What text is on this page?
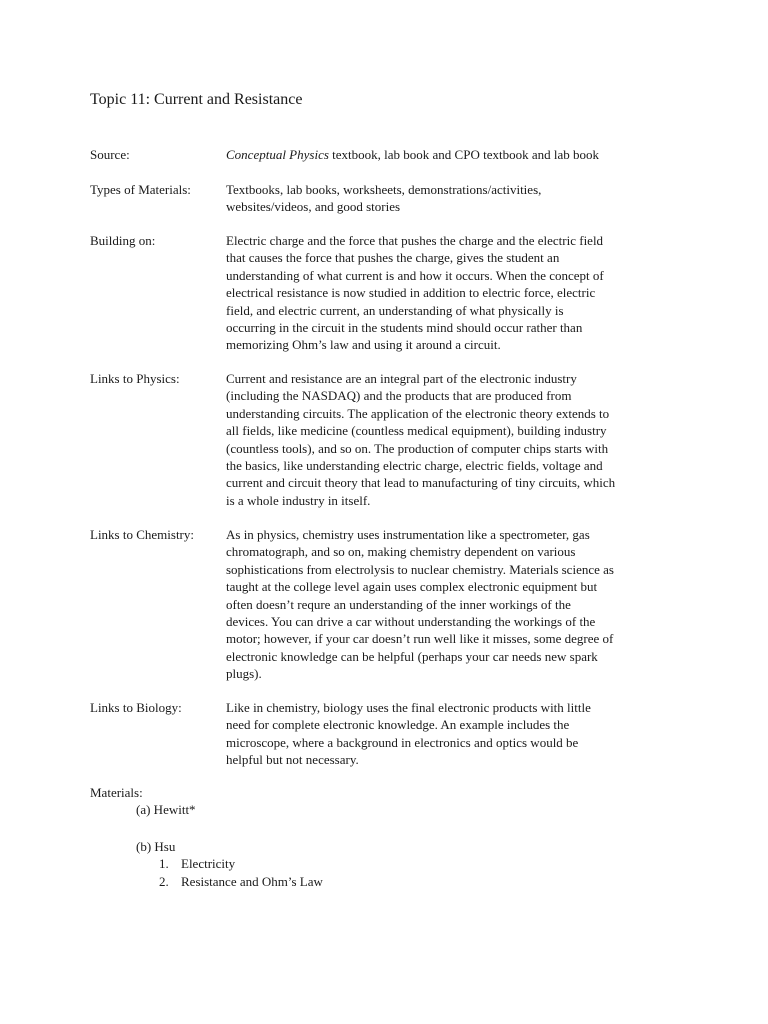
Topic 11: Current and Resistance
Source:	Conceptual Physics textbook, lab book and CPO textbook and lab book
Types of Materials:	Textbooks, lab books, worksheets, demonstrations/activities,
websites/videos, and good stories
Building on:	Electric charge and the force that pushes the charge and the electric field
that causes the force that pushes the charge, gives the student an
understanding of what current is and how it occurs. When the concept of
electrical resistance is now studied in addition to electric force, electric
field, and electric current, an understanding of what physically is
occurring in the circuit in the students mind should occur rather than
memorizing Ohm’s law and using it around a circuit.
Links to Physics:	Current and resistance are an integral part of the electronic industry
(including the NASDAQ) and the products that are produced from
understanding circuits. The application of the electronic theory extends to
all fields, like medicine (countless medical equipment), building industry
(countless tools), and so on. The production of computer chips starts with
the basics, like understanding electric charge, electric fields, voltage and
current and circuit theory that lead to manufacturing of tiny circuits, which
is a whole industry in itself.
Links to Chemistry: As in physics, chemistry uses instrumentation like a spectrometer, gas
chromatograph, and so on, making chemistry dependent on various
sophistications from electrolysis to nuclear chemistry. Materials science as
taught at the college level again uses complex electronic equipment but
often doesn’t requre an understanding of the inner workings of the
devices. You can drive a car without understanding the workings of the
motor; however, if your car doesn’t run well like it misses, some degree of
electronic knowledge can be helpful (perhaps your car needs new spark
plugs).
Links to Biology:	Like in chemistry, biology uses the final electronic products with little
need for complete electronic knowledge. An example includes the
microscope, where a background in electronics and optics would be
helpful but not necessary.
Materials:
(a) Hewitt*
(b) Hsu
1. Electricity
2. Resistance and Ohm’s Law
